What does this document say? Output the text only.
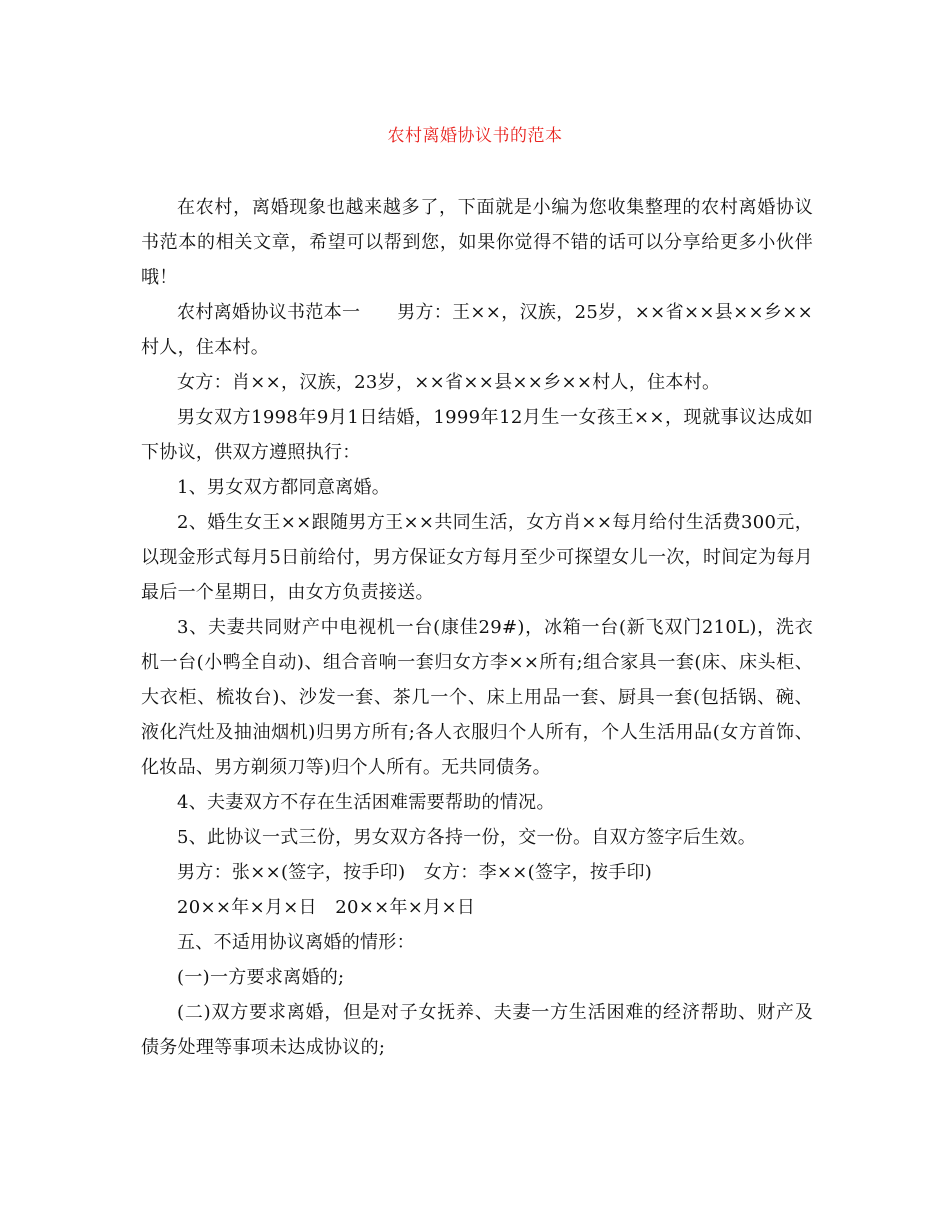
农村离婚协议书的范本

在农村，离婚现象也越来越多了，下面就是小编为您收集整理的农村离婚协议书范本的相关文章，希望可以帮到您，如果你觉得不错的话可以分享给更多小伙伴哦！

农村离婚协议书范本一　　男方：王××，汉族，25岁，××省××县××乡××村人，住本村。

女方：肖××，汉族，23岁，××省××县××乡××村人，住本村。

男女双方1998年9月1日结婚，1999年12月生一女孩王××，现就事议达成如下协议，供双方遵照执行：

1、男女双方都同意离婚。

2、婚生女王××跟随男方王××共同生活，女方肖××每月给付生活费300元，以现金形式每月5日前给付，男方保证女方每月至少可探望女儿一次，时间定为每月最后一个星期日，由女方负责接送。

3、夫妻共同财产中电视机一台(康佳29#)，冰箱一台(新飞双门210L)，洗衣机一台(小鸭全自动)、组合音响一套归女方李××所有;组合家具一套(床、床头柜、大衣柜、梳妆台)、沙发一套、茶几一个、床上用品一套、厨具一套(包括锅、碗、液化汽灶及抽油烟机)归男方所有;各人衣服归个人所有，个人生活用品(女方首饰、化妆品、男方剃须刀等)归个人所有。无共同债务。

4、夫妻双方不存在生活困难需要帮助的情况。

5、此协议一式三份，男女双方各持一份，交一份。自双方签字后生效。

男方：张××(签字，按手印)　女方：李××(签字，按手印)

20××年×月×日　20××年×月×日

五、不适用协议离婚的情形：

(一)一方要求离婚的;

(二)双方要求离婚，但是对子女抚养、夫妻一方生活困难的经济帮助、财产及债务处理等事项未达成协议的;
